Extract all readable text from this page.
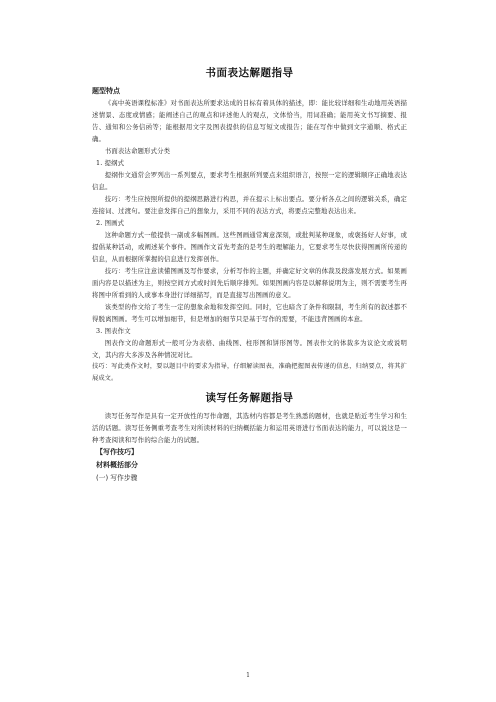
书面表达解题指导
题型特点

《高中英语课程标准》对书面表达所要求达成的目标有着具体的描述，即：能比较详细和生动地用英语描述情景、态度或情感；能阐述自己的观点和评述他人的观点，文体恰当，用词准确；能用英文书写摘要、报告、通知和公务信函等；能根据用文字及图表提供的信息写短文或报告；能在写作中做到文字通顺、格式正确。

书面表达命题形式分类

1. 提纲式

提纲作文通常会罗列出一系列要点，要求考生根据所列要点来组织语言，按照一定的逻辑顺序正确地表达信息。

技巧：考生应按照所提供的提纲思路进行构思，并在提示上标出要点。要分析各点之间的逻辑关系，确定连接词、过渡句。要注意发挥自己的想象力，采用不同的表达方式，将要点完整地表达出来。

2. 图画式

这种命题方式一般提供一副或多幅图画。这些图画通常寓意深刻，或批判某种现象，或褒扬好人好事，或提倡某种活动，或阐述某个事件。图画作文首先考查的是考生的理解能力，它要求考生尽快获得图画所传递的信息，从而根据所掌握的信息进行发挥创作。

技巧：考生应注意读懂图画及写作要求，分析写作的主题，并确定好文章的体裁及段落发展方式。如果画面内容是以描述为主，则按空间方式或时间先后顺序排列。如果图画内容是以解释说明为主，则不需要考生再将图中所看到的人或事本身进行详细描写，而是直接写出图画的意义。

该类型的作文给了考生一定的想象余地和发挥空间。同时，它也暗含了条件和限制，考生所有的叙述都不得脱离图画。考生可以增加细节，但是增加的细节只是基于写作的需要，不能违背图画的本意。

3. 图表作文

图表作文的命题形式一般可分为表格、曲线图、柱形图和饼形图等。图表作文的体裁多为议论文或说明文，其内容大多涉及各种情况对比。

技巧：写此类作文时，要以题目中的要求为指导，仔细解读图表，准确把握图表传递的信息，归纳要点，将其扩展成文。

读写任务解题指导

读写任务写作是具有一定开放性的写作命题，其选材内容都是考生熟悉的题材，也就是贴近考生学习和生活的话题。读写任务侧重考查考生对所读材料的归纳概括能力和运用英语进行书面表达的能力，可以说这是一种考查阅读和写作的综合能力的试题。

【写作技巧】
材料概括部分
(一) 写作步骤
1
